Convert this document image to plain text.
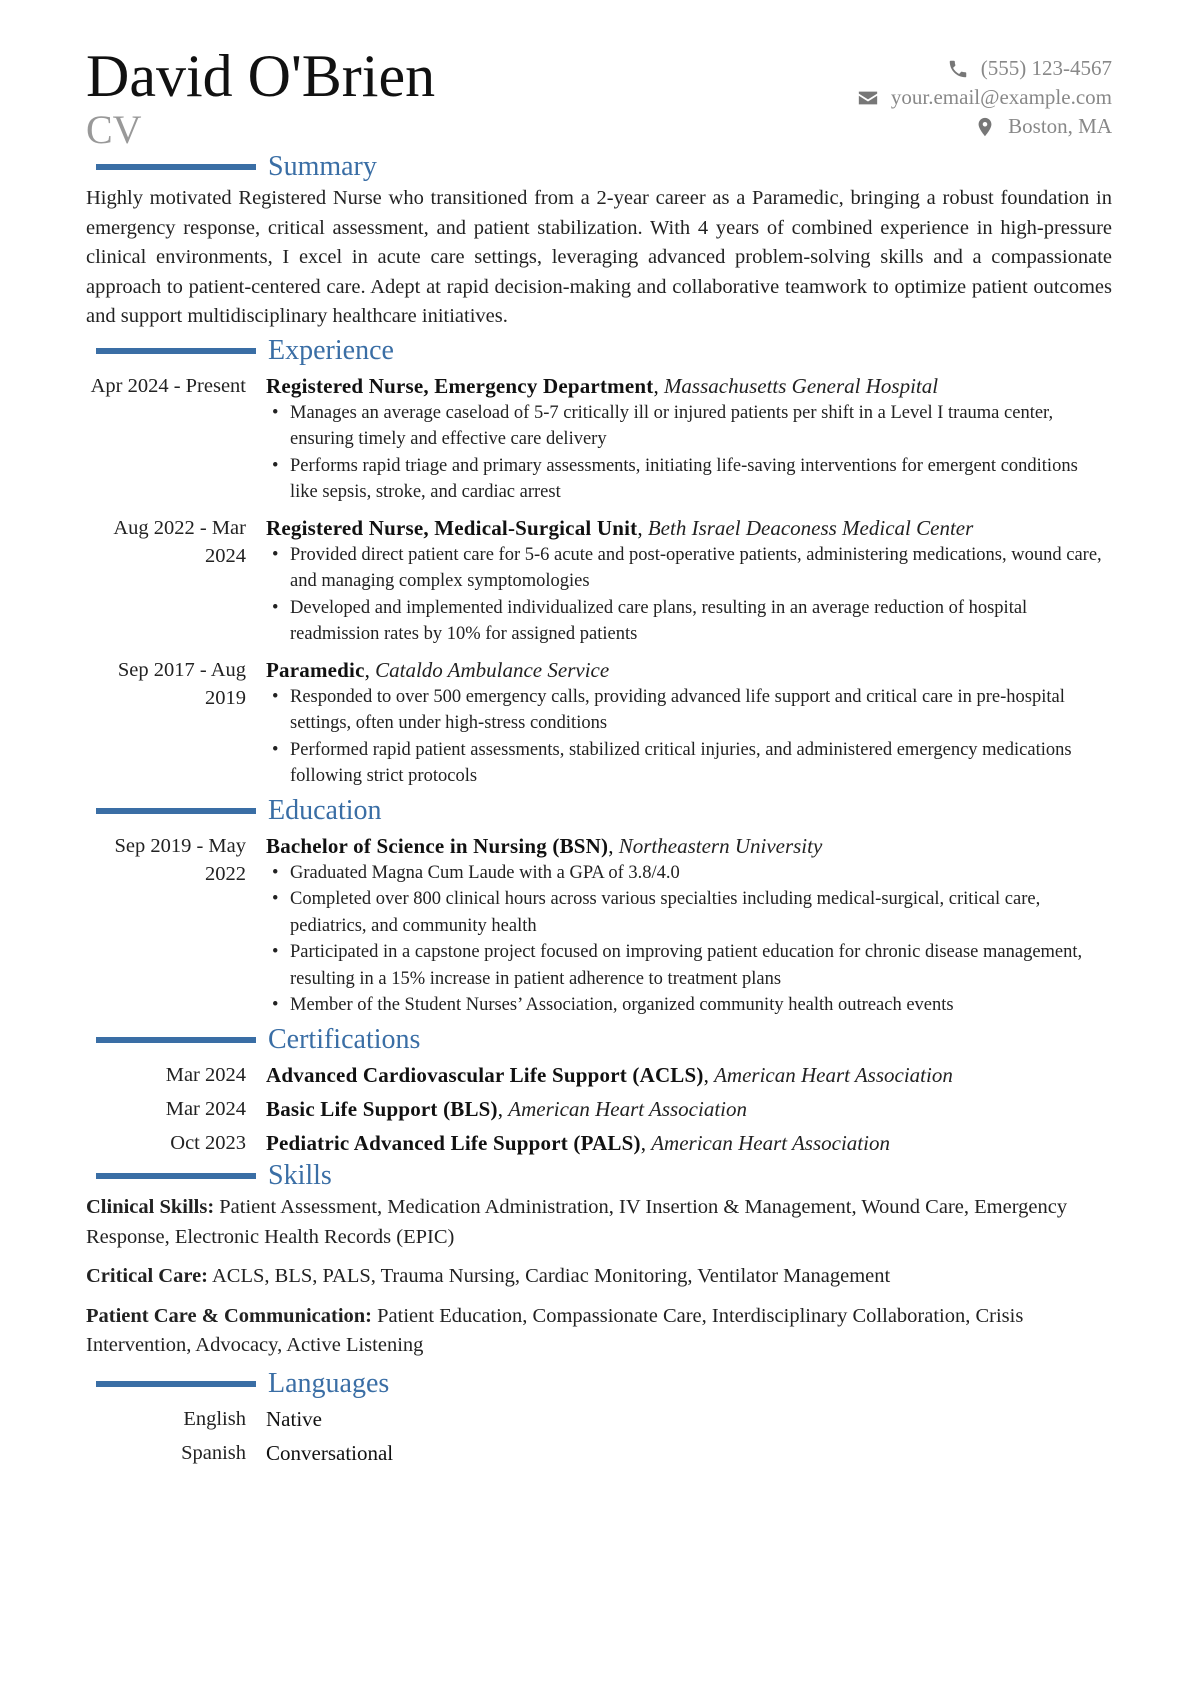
David O'Brien
CV
(555) 123-4567
your.email@example.com
Boston, MA
Summary

Highly motivated Registered Nurse who transitioned from a 2-year career as a Paramedic, bringing a robust foundation in emergency response, critical assessment, and patient stabilization. With 4 years of combined experience in high-pressure clinical environments, I excel in acute care settings, leveraging advanced problem-solving skills and a compassionate approach to patient-centered care. Adept at rapid decision-making and collaborative teamwork to optimize patient outcomes and support multidisciplinary healthcare initiatives.

Experience
Apr 2024 - Present Registered Nurse, Emergency Department, Massachusetts General Hospital
• Manages an average caseload of 5-7 critically ill or injured patients per shift in a Level I trauma center, ensuring timely and effective care delivery
• Performs rapid triage and primary assessments, initiating life-saving interventions for emergent conditions like sepsis, stroke, and cardiac arrest
Aug 2022 - Mar 2024
Registered Nurse, Medical-Surgical Unit, Beth Israel Deaconess Medical Center
• Provided direct patient care for 5-6 acute and post-operative patients, administering medications, wound care, and managing complex symptomologies
• Developed and implemented individualized care plans, resulting in an average reduction of hospital readmission rates by 10% for assigned patients
Sep 2017 - Aug 2019
Paramedic, Cataldo Ambulance Service
• Responded to over 500 emergency calls, providing advanced life support and critical care in pre-hospital settings, often under high-stress conditions
• Performed rapid patient assessments, stabilized critical injuries, and administered emergency medications following strict protocols
Education
Sep 2019 - May 2022
Bachelor of Science in Nursing (BSN), Northeastern University
• Graduated Magna Cum Laude with a GPA of 3.8/4.0
• Completed over 800 clinical hours across various specialties including medical-surgical, critical care, pediatrics, and community health
• Participated in a capstone project focused on improving patient education for chronic disease management, resulting in a 15% increase in patient adherence to treatment plans
• Member of the Student Nurses’ Association, organized community health outreach events
Certifications
Mar 2024 Advanced Cardiovascular Life Support (ACLS), American Heart Association
Mar 2024 Basic Life Support (BLS), American Heart Association
Oct 2023 Pediatric Advanced Life Support (PALS), American Heart Association
Skills

Clinical Skills: Patient Assessment, Medication Administration, IV Insertion & Management, Wound Care, Emergency Response, Electronic Health Records (EPIC)

Critical Care: ACLS, BLS, PALS, Trauma Nursing, Cardiac Monitoring, Ventilator Management

Patient Care & Communication: Patient Education, Compassionate Care, Interdisciplinary Collaboration, Crisis Intervention, Advocacy, Active Listening

Languages
English Native
Spanish Conversational
